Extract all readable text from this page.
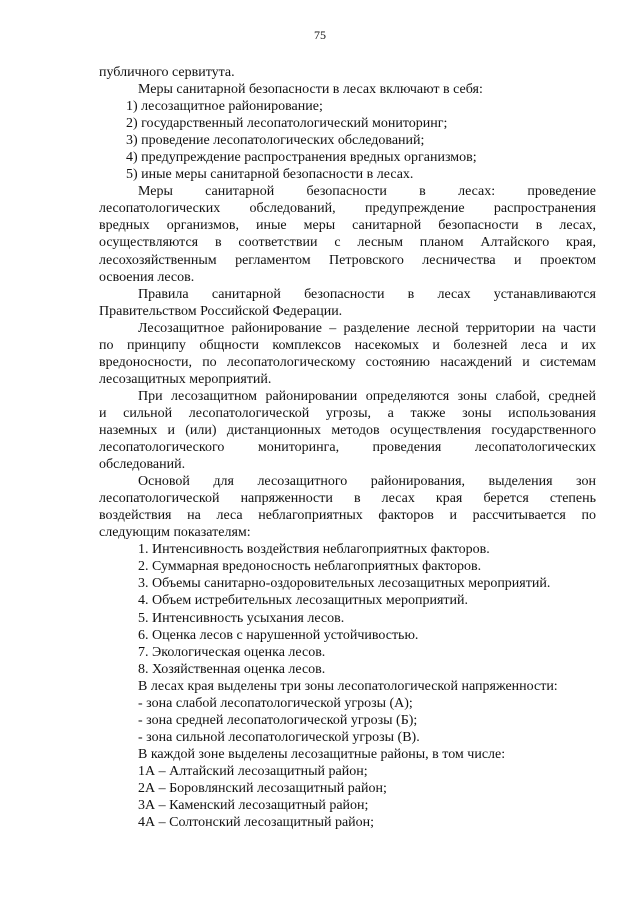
75

публичного сервитута.

Меры санитарной безопасности в лесах включают в себя:

1) лесозащитное районирование;

2) государственный лесопатологический мониторинг;

3) проведение лесопатологических обследований;

4) предупреждение распространения вредных организмов;

5) иные меры санитарной безопасности в лесах.

Меры санитарной безопасности в лесах: проведение

лесопатологических обследований, предупреждение распространения

вредных организмов, иные меры санитарной безопасности в лесах,

осуществляются в соответствии с лесным планом Алтайского края,

лесохозяйственным регламентом Петровского лесничества и проектом

освоения лесов.

Правила санитарной безопасности в лесах устанавливаются

Правительством Российской Федерации.

Лесозащитное районирование – разделение лесной территории на части

по принципу общности комплексов насекомых и болезней леса и их

вредоносности, по лесопатологическому состоянию насаждений и системам

лесозащитных мероприятий.

При лесозащитном районировании определяются зоны слабой, средней

и сильной лесопатологической угрозы, а также зоны использования

наземных и (или) дистанционных методов осуществления государственного

лесопатологического мониторинга, проведения лесопатологических

обследований.

Основой для лесозащитного районирования, выделения зон

лесопатологической напряженности в лесах края берется степень

воздействия на леса неблагоприятных факторов и рассчитывается по

следующим показателям:

1. Интенсивность воздействия неблагоприятных факторов.

2. Суммарная вредоносность неблагоприятных факторов.

3. Объемы санитарно-оздоровительных лесозащитных мероприятий.

4. Объем истребительных лесозащитных мероприятий.

5. Интенсивность усыхания лесов.

6. Оценка лесов с нарушенной устойчивостью.

7. Экологическая оценка лесов.

8. Хозяйственная оценка лесов.

В лесах края выделены три зоны лесопатологической напряженности:

- зона слабой лесопатологической угрозы (А);

- зона средней лесопатологической угрозы (Б);

- зона сильной лесопатологической угрозы (В).

В каждой зоне выделены лесозащитные районы, в том числе:

1А – Алтайский лесозащитный район;

2А – Боровлянский лесозащитный район;

3А – Каменский лесозащитный район;

4А – Солтонский лесозащитный район;
